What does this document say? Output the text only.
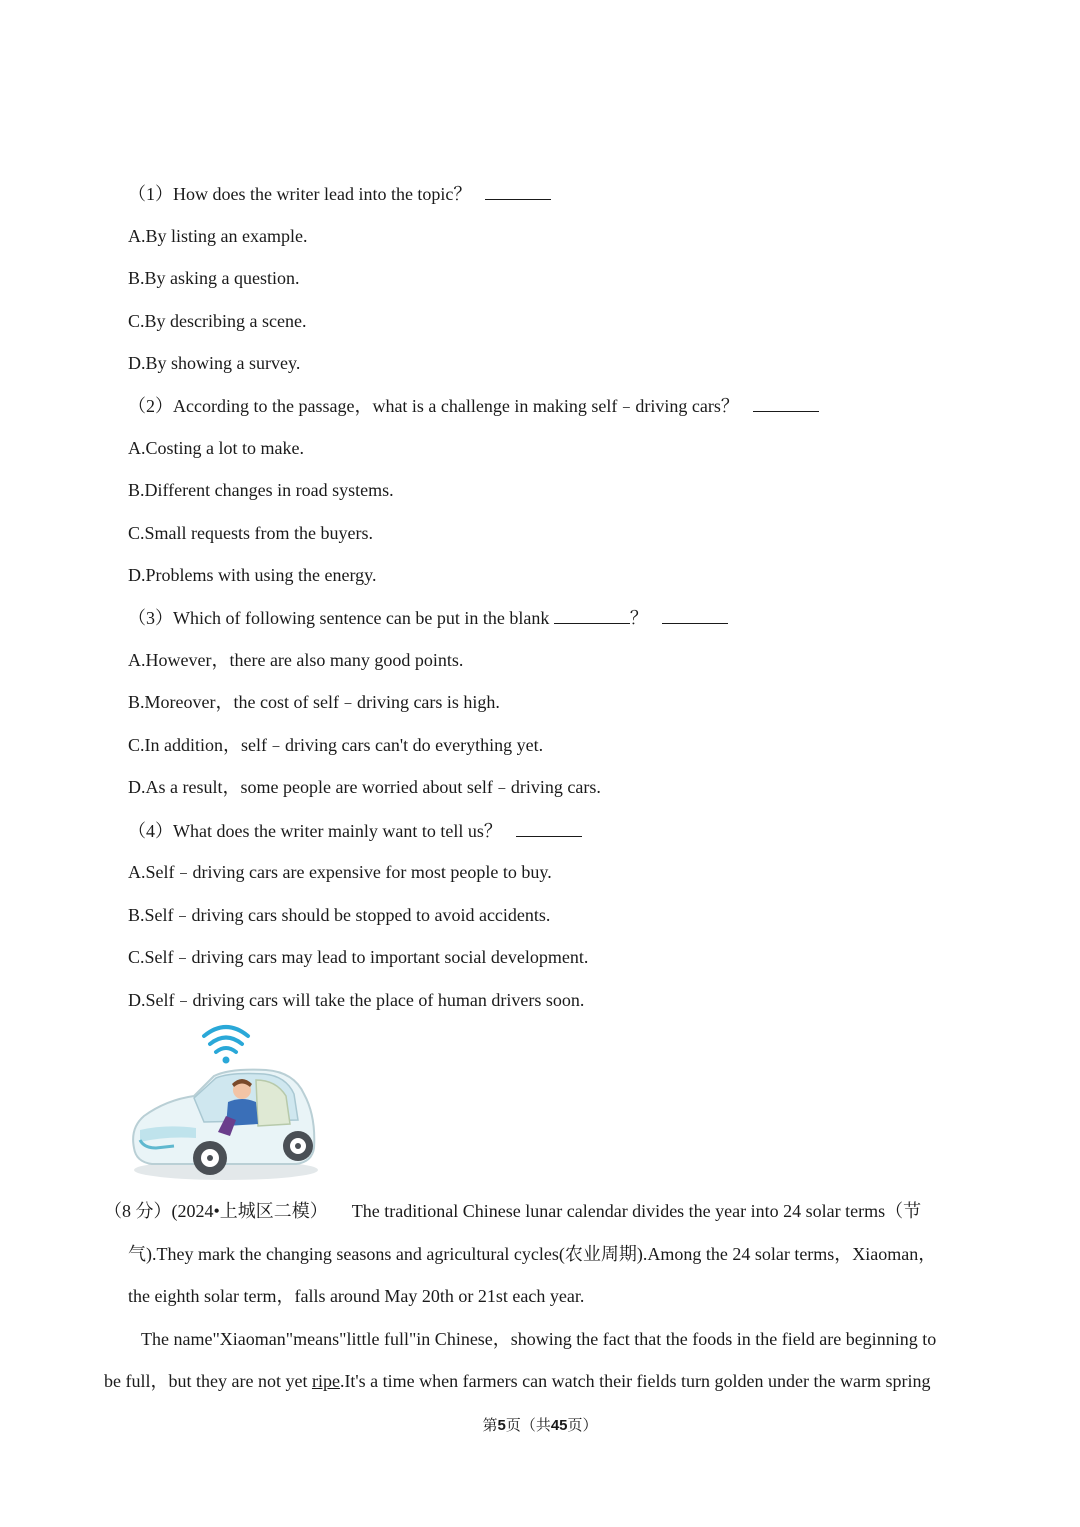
（1）How does the writer lead into the topic？
A.By listing an example.
B.By asking a question.
C.By describing a scene.
D.By showing a survey.
（2）According to the passage，what is a challenge in making self﹣driving cars？
A.Costing a lot to make.
B.Different changes in road systems.
C.Small requests from the buyers.
D.Problems with using the energy.
（3）Which of following sentence can be put in the blank	？
A.However，there are also many good points.
B.Moreover，the cost of self﹣driving cars is high.
C.In addition，self﹣driving cars can't do everything yet.
D.As a result，some people are worried about self﹣driving cars.
（4）What does the writer mainly want to tell us？
A.Self﹣driving cars are expensive for most people to buy.
B.Self﹣driving cars should be stopped to avoid accidents.
C.Self﹣driving cars may lead to important social development.
D.Self﹣driving cars will take the place of human drivers soon.
（8 分）(2024•上城区二模） The traditional Chinese lunar calendar divides the year into 24 solar terms（节
气).They mark the changing seasons and agricultural cycles(农业周期).Among the 24 solar terms，Xiaoman，
the eighth solar term，falls around May 20th or 21st each year.
The name"Xiaoman"means"little full"in Chinese，showing the fact that the foods in the field are beginning to
be full，but they are not yet ripe.It's a time when farmers can watch their fields turn golden under the warm spring
第5页（共45页）
